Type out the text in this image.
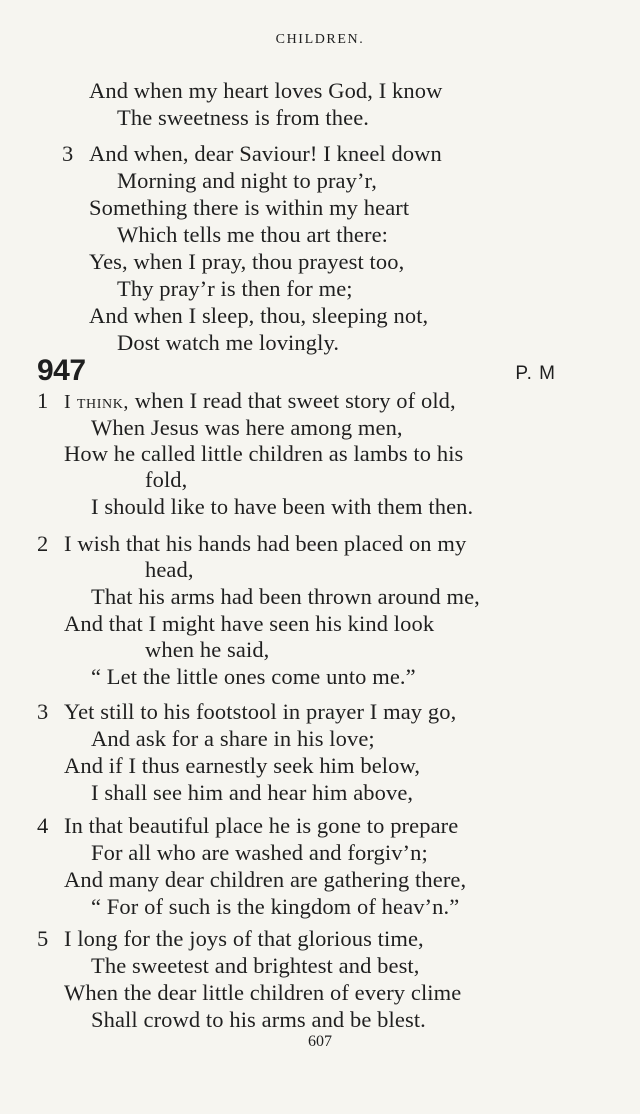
CHILDREN.
And when my heart loves God, I know
The sweetness is from thee.
3 And when, dear Saviour! I kneel down
Morning and night to pray’r,
Something there is within my heart
Which tells me thou art there:
Yes, when I pray, thou prayest too,
Thy pray’r is then for me;
And when I sleep, thou, sleeping not,
Dost watch me lovingly.
947	P. M
1 I think, when I read that sweet story of old,
When Jesus was here among men,
How he called little children as lambs to his
fold,
I should like to have been with them then.
2 I wish that his hands had been placed on my
head,
That his arms had been thrown around me,
And that I might have seen his kind look
when he said,
“ Let the little ones come unto me.”
3 Yet still to his footstool in prayer I may go,
And ask for a share in his love;
And if I thus earnestly seek him below,
I shall see him and hear him above,
4 In that beautiful place he is gone to prepare
For all who are washed and forgiv’n;
And many dear children are gathering there,
“ For of such is the kingdom of heav’n.”
5 I long for the joys of that glorious time,
The sweetest and brightest and best,
When the dear little children of every clime
Shall crowd to his arms and be blest.
607
